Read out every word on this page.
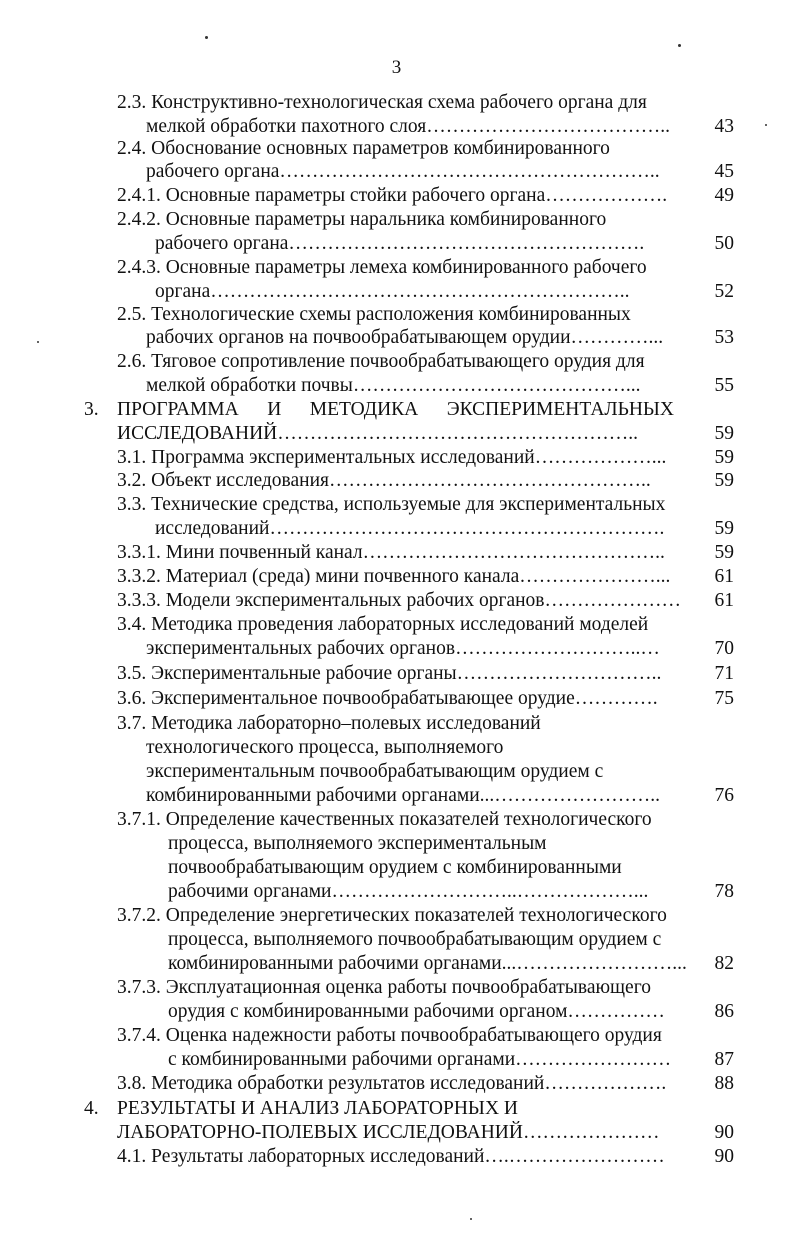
3
2.3. Конструктивно-технологическая схема рабочего органа для
мелкой обработки пахотного слоя………………………………..	43
2.4. Обоснование основных параметров комбинированного
рабочего органа…………………………………………………..	45
2.4.1. Основные параметры стойки рабочего органа……………….	49
2.4.2. Основные параметры наральника комбинированного
рабочего органа……………………………………………….	50
2.4.3. Основные параметры лемеха комбинированного рабочего
органа………………………………………………………..	52
2.5. Технологические схемы расположения комбинированных
рабочих органов на почвообрабатывающем орудии…………...	53
2.6. Тяговое сопротивление почвообрабатывающего орудия для
мелкой обработки почвы……………………………………...	55
3. ПРОГРАММА И МЕТОДИКА ЭКСПЕРИМЕНТАЛЬНЫХ
ИССЛЕДОВАНИЙ………………………………………………..	59
3.1. Программа экспериментальных исследований………………...	59
3.2. Объект исследования…………………………………………..	59
3.3. Технические средства, используемые для экспериментальных
исследований…………………………………………………….	59
3.3.1. Мини почвенный канал………………………………………..	59
3.3.2. Материал (среда) мини почвенного канала…………………...	61
3.3.3. Модели экспериментальных рабочих органов…………………	61
3.4. Методика проведения лабораторных исследований моделей
экспериментальных рабочих органов………………………..…	70
3.5. Экспериментальные рабочие органы…………………………..	71
3.6. Экспериментальное почвообрабатывающее орудие………….	75
3.7. Методика лабораторно–полевых исследований
технологического процесса, выполняемого
экспериментальным почвообрабатывающим орудием с
комбинированными рабочими органами...……………………..	76
3.7.1. Определение качественных показателей технологического
процесса, выполняемого экспериментальным
почвообрабатывающим орудием с комбинированными
рабочими органами………………………..………………...	78
3.7.2. Определение энергетических показателей технологического
процесса, выполняемого почвообрабатывающим орудием с
комбинированными рабочими органами...……………………...	82
3.7.3. Эксплуатационная оценка работы почвообрабатывающего
орудия с комбинированными рабочими органом……………	86
3.7.4. Оценка надежности работы почвообрабатывающего орудия
с комбинированными рабочими органами……………………	87
3.8. Методика обработки результатов исследований……………….	88
4. РЕЗУЛЬТАТЫ И АНАЛИЗ ЛАБОРАТОРНЫХ И
ЛАБОРАТОРНО-ПОЛЕВЫХ ИССЛЕДОВАНИЙ…………………	90
4.1. Результаты лабораторных исследований….……………………	90
